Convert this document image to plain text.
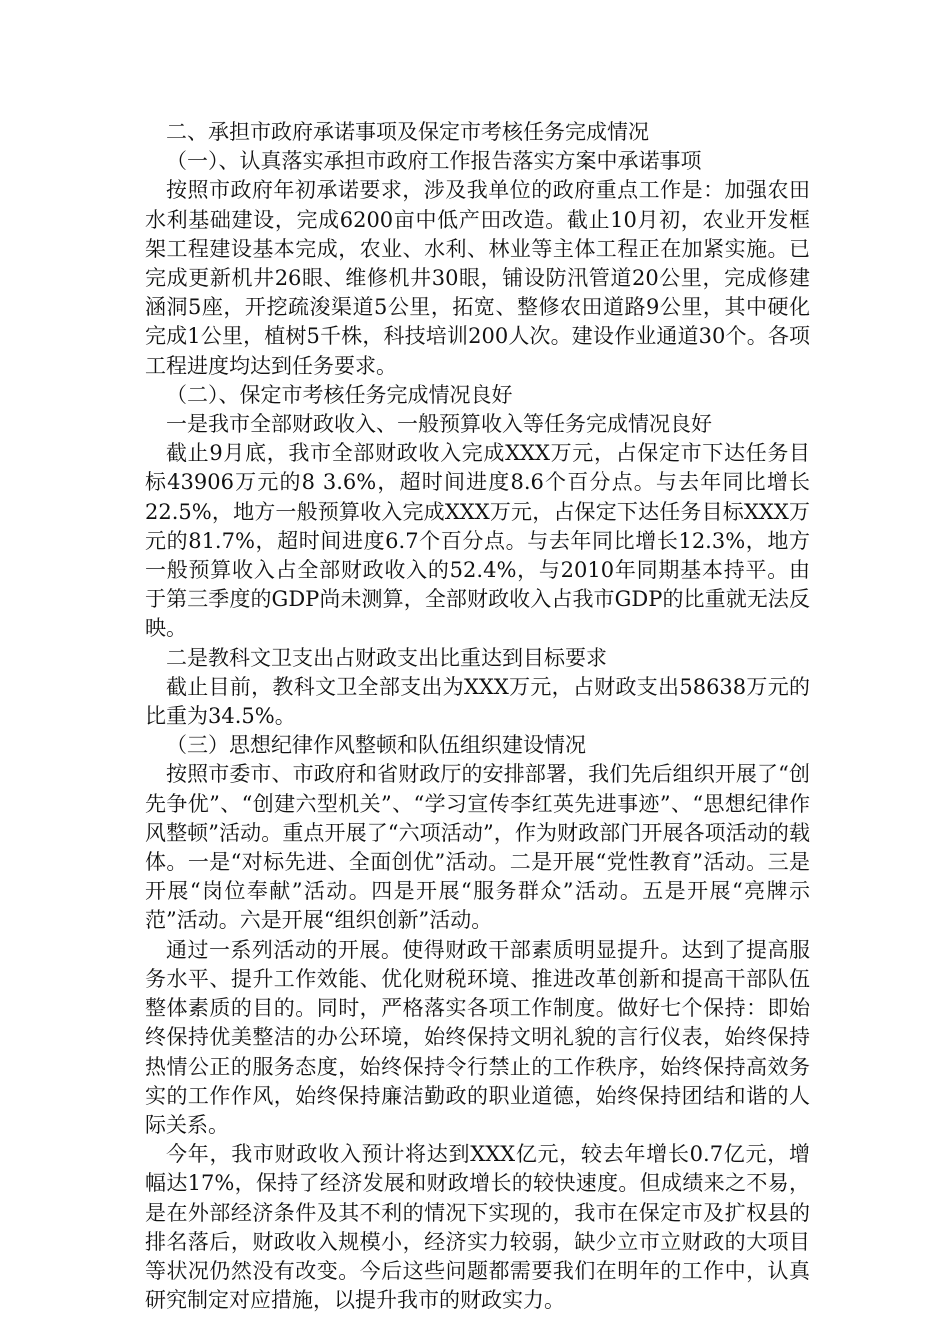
二、承担市政府承诺事项及保定市考核任务完成情况

（一）、认真落实承担市政府工作报告落实方案中承诺事项

按照市政府年初承诺要求，涉及我单位的政府重点工作是：加强农田水利基础建设，完成6200亩中低产田改造。截止10月初，农业开发框架工程建设基本完成，农业、水利、林业等主体工程正在加紧实施。已完成更新机井26眼、维修机井30眼，铺设防汛管道20公里，完成修建涵洞5座，开挖疏浚渠道5公里，拓宽、整修农田道路9公里，其中硬化完成1公里，植树5千株，科技培训200人次。建设作业通道30个。各项工程进度均达到任务要求。

（二）、保定市考核任务完成情况良好

一是我市全部财政收入、一般预算收入等任务完成情况良好

截止9月底，我市全部财政收入完成XXX万元，占保定市下达任务目标43906万元的8 3.6%，超时间进度8.6个百分点。与去年同比增长22.5%，地方一般预算收入完成XXX万元，占保定下达任务目标XXX万元的81.7%，超时间进度6.7个百分点。与去年同比增长12.3%，地方一般预算收入占全部财政收入的52.4%，与2010年同期基本持平。由于第三季度的GDP尚未测算，全部财政收入占我市GDP的比重就无法反映。

二是教科文卫支出占财政支出比重达到目标要求

截止目前，教科文卫全部支出为XXX万元，占财政支出58638万元的比重为34.5%。

（三）思想纪律作风整顿和队伍组织建设情况

按照市委市、市政府和省财政厅的安排部署，我们先后组织开展了“创先争优”、“创建六型机关”、“学习宣传李红英先进事迹”、“思想纪律作风整顿”活动。重点开展了“六项活动”，作为财政部门开展各项活动的载体。一是“对标先进、全面创优”活动。二是开展“党性教育”活动。三是开展“岗位奉献”活动。四是开展“服务群众”活动。五是开展“亮牌示范”活动。六是开展“组织创新”活动。

通过一系列活动的开展。使得财政干部素质明显提升。达到了提高服务水平、提升工作效能、优化财税环境、推进改革创新和提高干部队伍整体素质的目的。同时，严格落实各项工作制度。做好七个保持：即始终保持优美整洁的办公环境，始终保持文明礼貌的言行仪表，始终保持热情公正的服务态度，始终保持令行禁止的工作秩序，始终保持高效务实的工作作风，始终保持廉洁勤政的职业道德，始终保持团结和谐的人际关系。

今年，我市财政收入预计将达到XXX亿元，较去年增长0.7亿元，增幅达17%，保持了经济发展和财政增长的较快速度。但成绩来之不易，是在外部经济条件及其不利的情况下实现的，我市在保定市及扩权县的排名落后，财政收入规模小，经济实力较弱，缺少立市立财政的大项目等状况仍然没有改变。今后这些问题都需要我们在明年的工作中，认真研究制定对应措施，以提升我市的财政实力。
